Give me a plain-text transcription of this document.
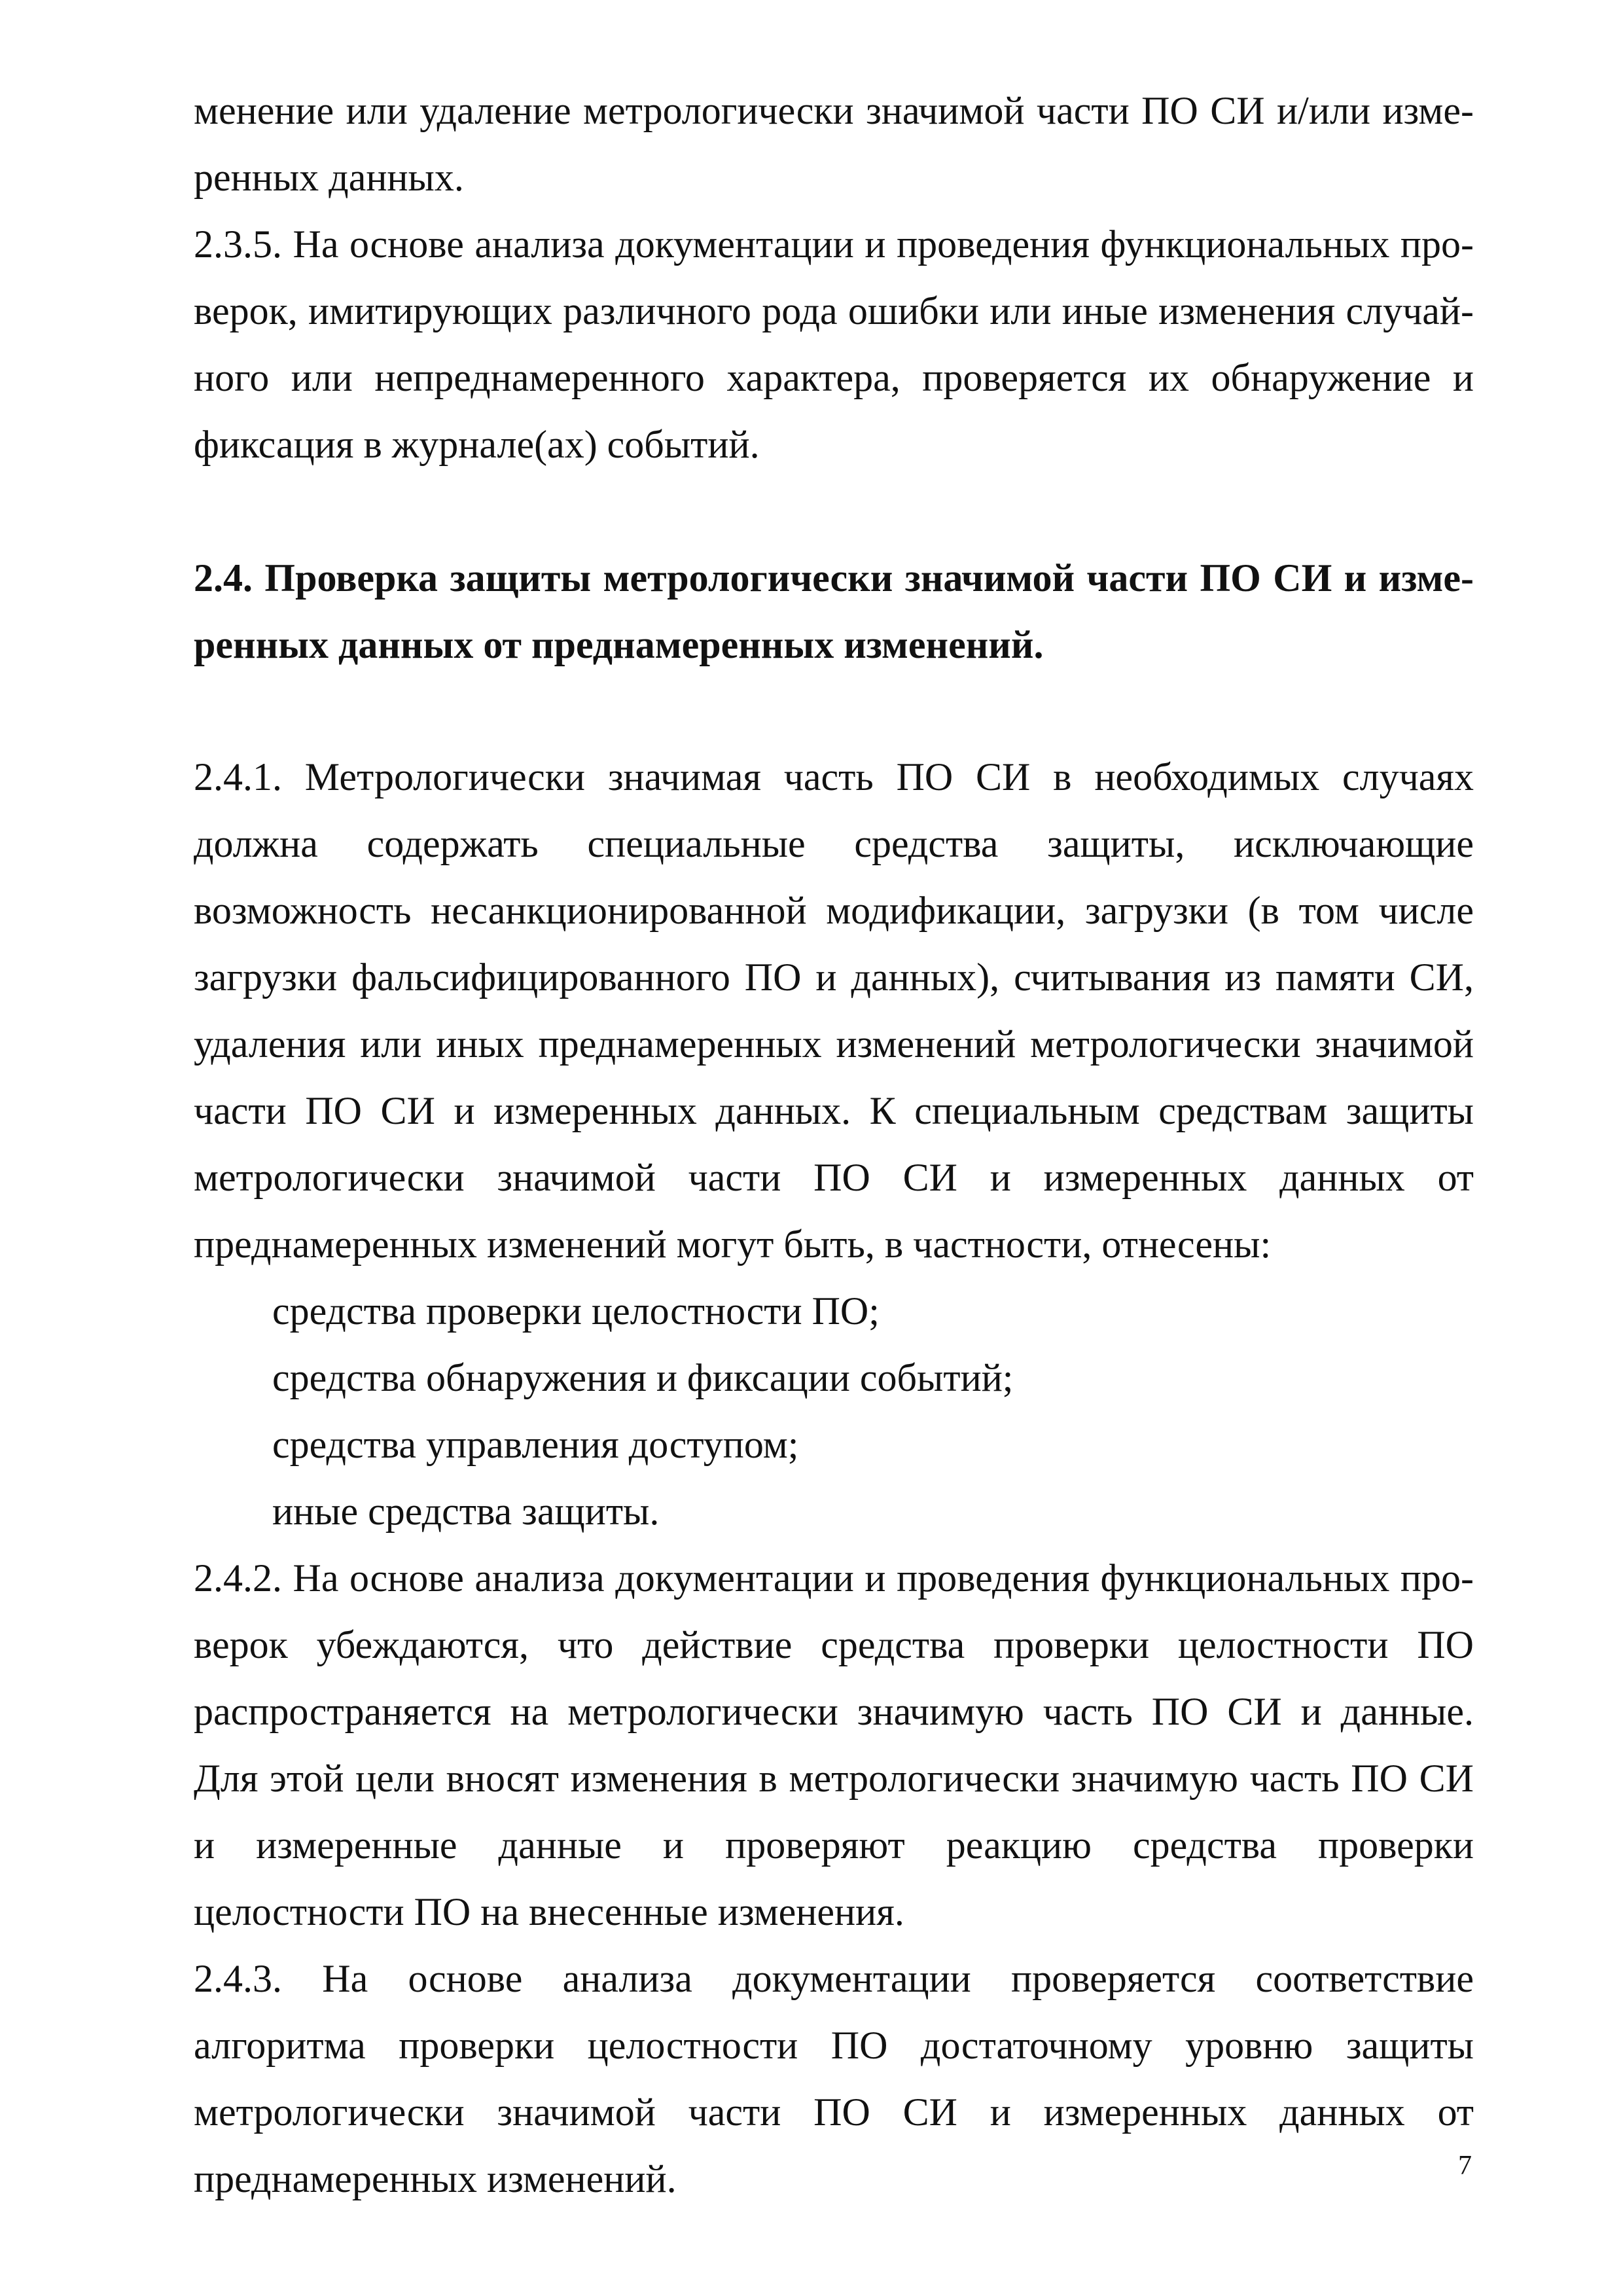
менение или удаление метрологически значимой части ПО СИ и/или измеренных данных.

2.3.5. На основе анализа документации и проведения функциональных проверок, имитирующих различного рода ошибки или иные изменения случайного или непреднамеренного характера, проверяется их обнаружение и фиксация в журнале(ах) событий.

2.4. Проверка защиты метрологически значимой части ПО СИ и измеренных данных от преднамеренных изменений.

2.4.1. Метрологически значимая часть ПО СИ в необходимых случаях должна содержать специальные средства защиты, исключающие возможность несанкционированной модификации, загрузки (в том числе загрузки фальсифицированного ПО и данных), считывания из памяти СИ, удаления или иных преднамеренных изменений метрологически значимой части ПО СИ и измеренных данных. К специальным средствам защиты метрологически значимой части ПО СИ и измеренных данных от преднамеренных изменений могут быть, в частности, отнесены:

средства проверки целостности ПО;
средства обнаружения и фиксации событий;
средства управления доступом;
иные средства защиты.

2.4.2. На основе анализа документации и проведения функциональных проверок убеждаются, что действие средства проверки целостности ПО распространяется на метрологически значимую часть ПО СИ и данные. Для этой цели вносят изменения в метрологически значимую часть ПО СИ и измеренные данные и проверяют реакцию средства проверки целостности ПО на внесенные изменения.

2.4.3. На основе анализа документации проверяется соответствие алгоритма проверки целостности ПО достаточному уровню защиты метрологически значимой части ПО СИ и измеренных данных от преднамеренных изменений.	7
